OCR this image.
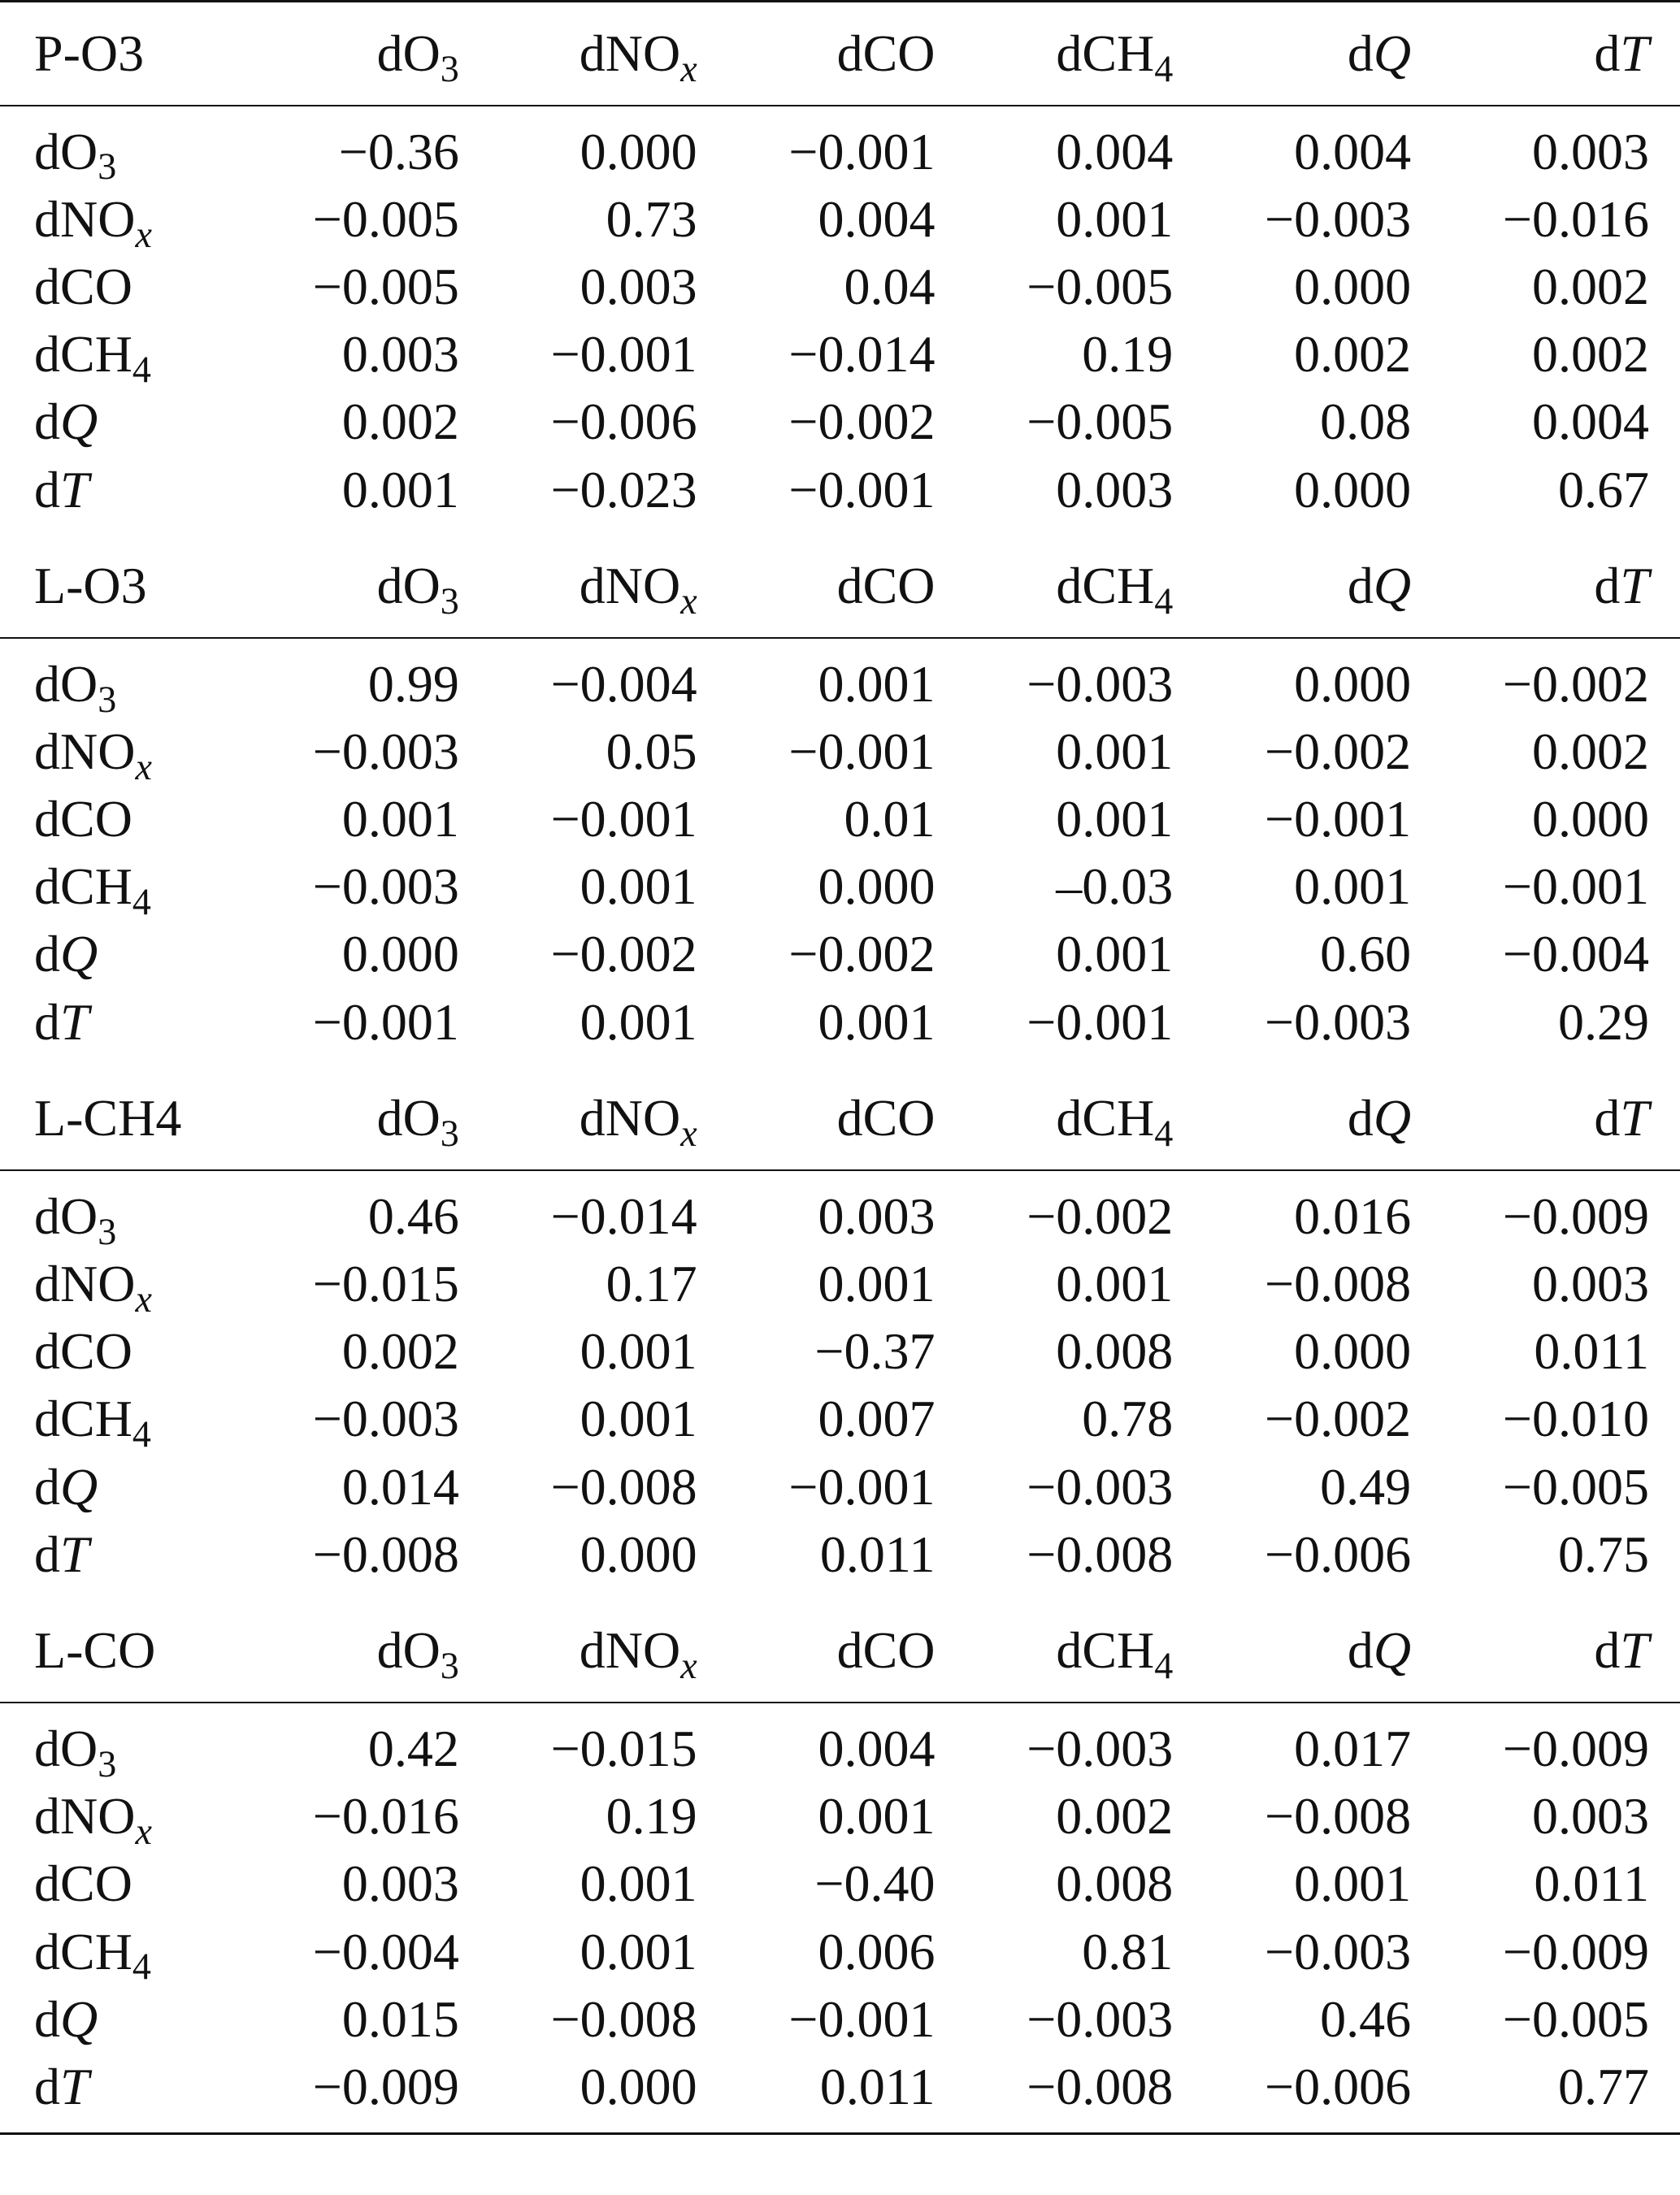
P-O3	$dO_3$	dNO$_x$	dCO	dCH$_4$	dQ	dT
$dO_3$	−0.36	0.000	−0.001	0.004	0.004	0.003
dNO$_x$	−0.005	0.73	0.004	0.001	−0.003	−0.016
dCO	−0.005	0.003	0.04	−0.005	0.000	0.002
dCH$_4$	0.003	−0.001	−0.014	0.19	0.002	0.002
dQ	0.002	−0.006	−0.002	−0.005	0.08	0.004
dT	0.001	−0.023	−0.001	0.003	0.000	0.67
L-O3	$dO_3$	dNO$_x$	dCO	dCH$_4$	dQ	dT
$dO_3$	0.99	−0.004	0.001	−0.003	0.000	−0.002
dNO$_x$	−0.003	0.05	−0.001	0.001	−0.002	0.002
dCO	0.001	−0.001	0.01	0.001	−0.001	0.000
dCH$_4$	−0.003	0.001	0.000	–0.03	0.001	−0.001
dQ	0.000	−0.002	−0.002	0.001	0.60	−0.004
dT	−0.001	0.001	0.001	−0.001	−0.003	0.29
L-CH4	$dO_3$	dNO$_x$	dCO	dCH$_4$	dQ	dT
$dO_3$	0.46	−0.014	0.003	−0.002	0.016	−0.009
dNO$_x$	−0.015	0.17	0.001	0.001	−0.008	0.003
dCO	0.002	0.001	−0.37	0.008	0.000	0.011
dCH$_4$	−0.003	0.001	0.007	0.78	−0.002	−0.010
dQ	0.014	−0.008	−0.001	−0.003	0.49	−0.005
dT	−0.008	0.000	0.011	−0.008	−0.006	0.75
L-CO	$dO_3$	dNO$_x$	dCO	dCH$_4$	dQ	dT
$dO_3$	0.42	−0.015	0.004	−0.003	0.017	−0.009
dNO$_x$	−0.016	0.19	0.001	0.002	−0.008	0.003
dCO	0.003	0.001	−0.40	0.008	0.001	0.011
dCH$_4$	−0.004	0.001	0.006	0.81	−0.003	−0.009
dQ	0.015	−0.008	−0.001	−0.003	0.46	−0.005
dT	−0.009	0.000	0.011	−0.008	−0.006	0.77
